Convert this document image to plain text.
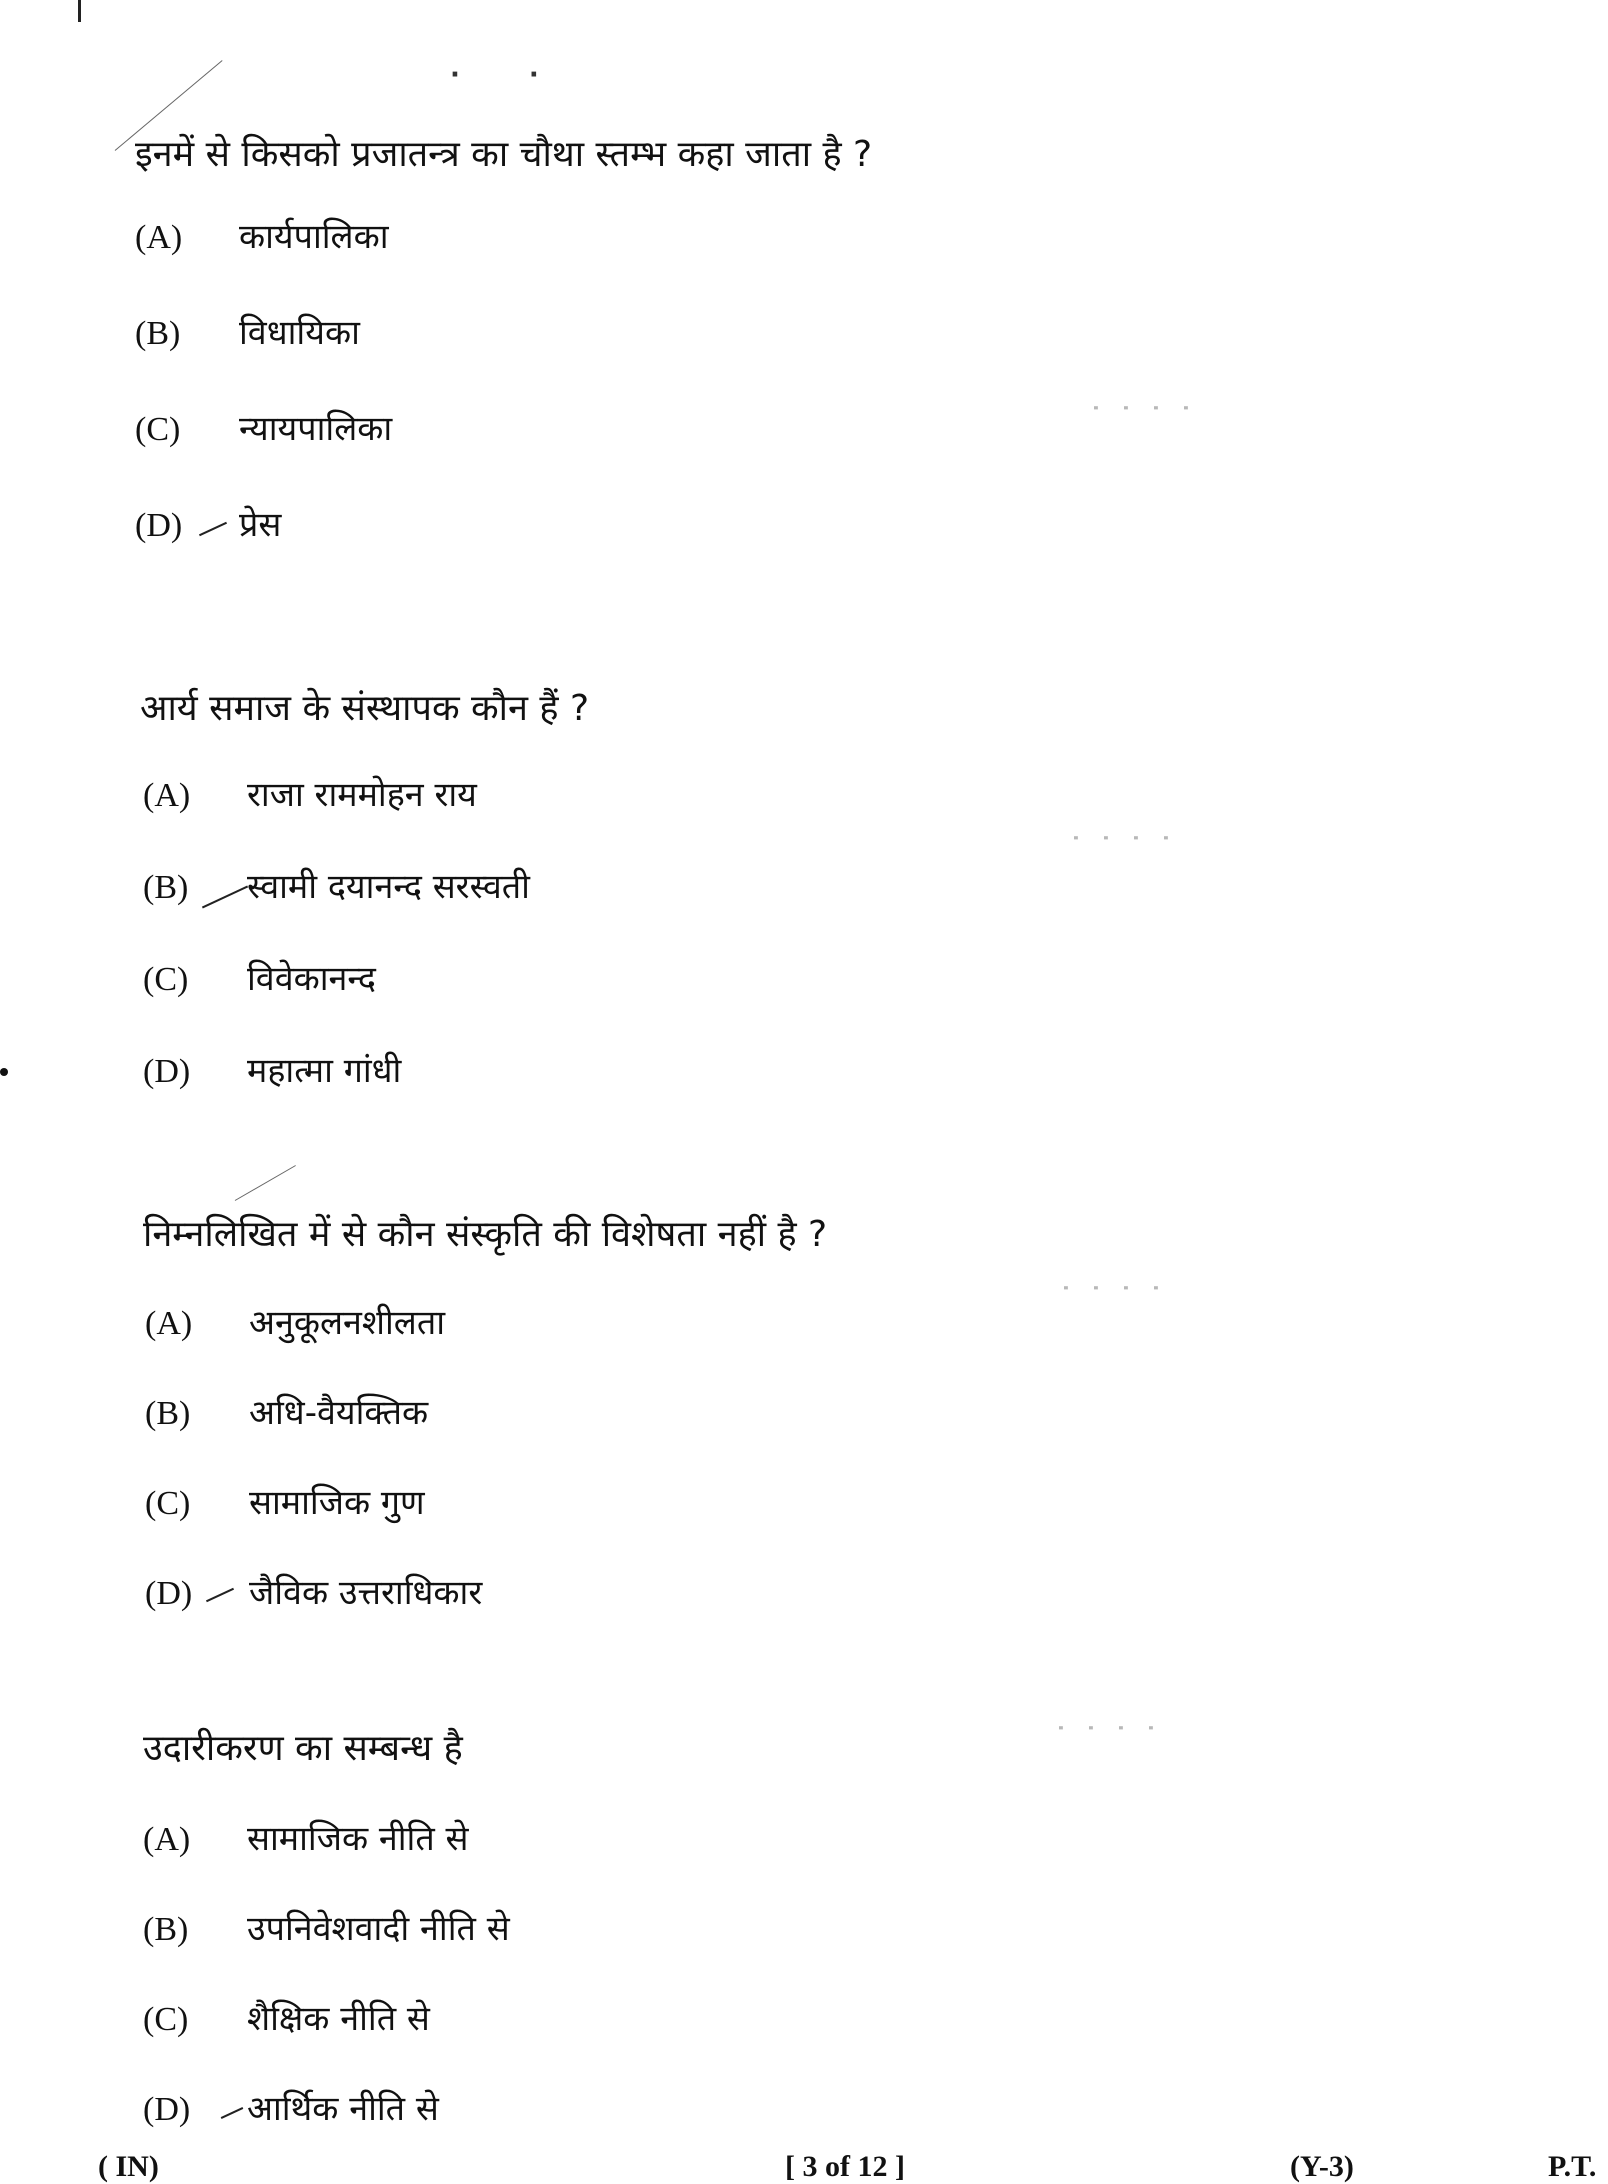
· ·
इनमें से किसको प्रजातन्त्र का चौथा स्तम्भ कहा जाता है ?
(A)	कार्यपालिका
(B)	विधायिका
(C)	न्यायपालिका
(D)	प्रेस
· · · ·
आर्य समाज के संस्थापक कौन हैं ?
(A)	राजा राममोहन राय
(B)	स्वामी दयानन्द सरस्वती
(C)	विवेकानन्द
(D)	महात्मा गांधी
· · · ·
निम्नलिखित में से कौन संस्कृति की विशेषता नहीं है ?
(A)	अनुकूलनशीलता
(B)	अधि-वैयक्तिक
(C)	सामाजिक गुण
(D)	जैविक उत्तराधिकार
· · · ·
उदारीकरण का सम्बन्ध है
(A)	सामाजिक नीति से
(B)	उपनिवेशवादी नीति से
(C)	शैक्षिक नीति से
(D)	आर्थिक नीति से
· · · ·
( IN)	[ 3 of 12 ]	(Y-3)	P.T.
